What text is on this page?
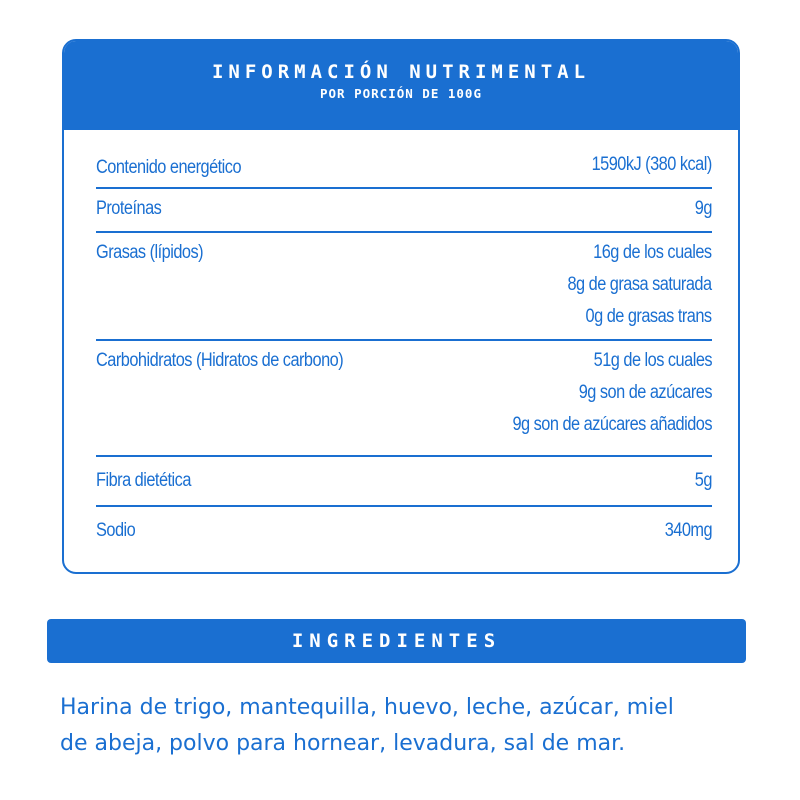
INFORMACIÓN NUTRIMENTAL
POR PORCIÓN DE 100G
Contenido energético	1590kJ (380 kcal)
Proteínas	9g
Grasas (lípidos)	16g de los cuales
8g de grasa saturada
0g de grasas trans
Carbohidratos (Hidratos de carbono)	51g de los cuales
9g son de azúcares
9g son de azúcares añadidos
Fibra dietética	5g
Sodio	340mg
INGREDIENTES
Harina de trigo, mantequilla, huevo, leche, azúcar, miel
de abeja, polvo para hornear, levadura, sal de mar.
